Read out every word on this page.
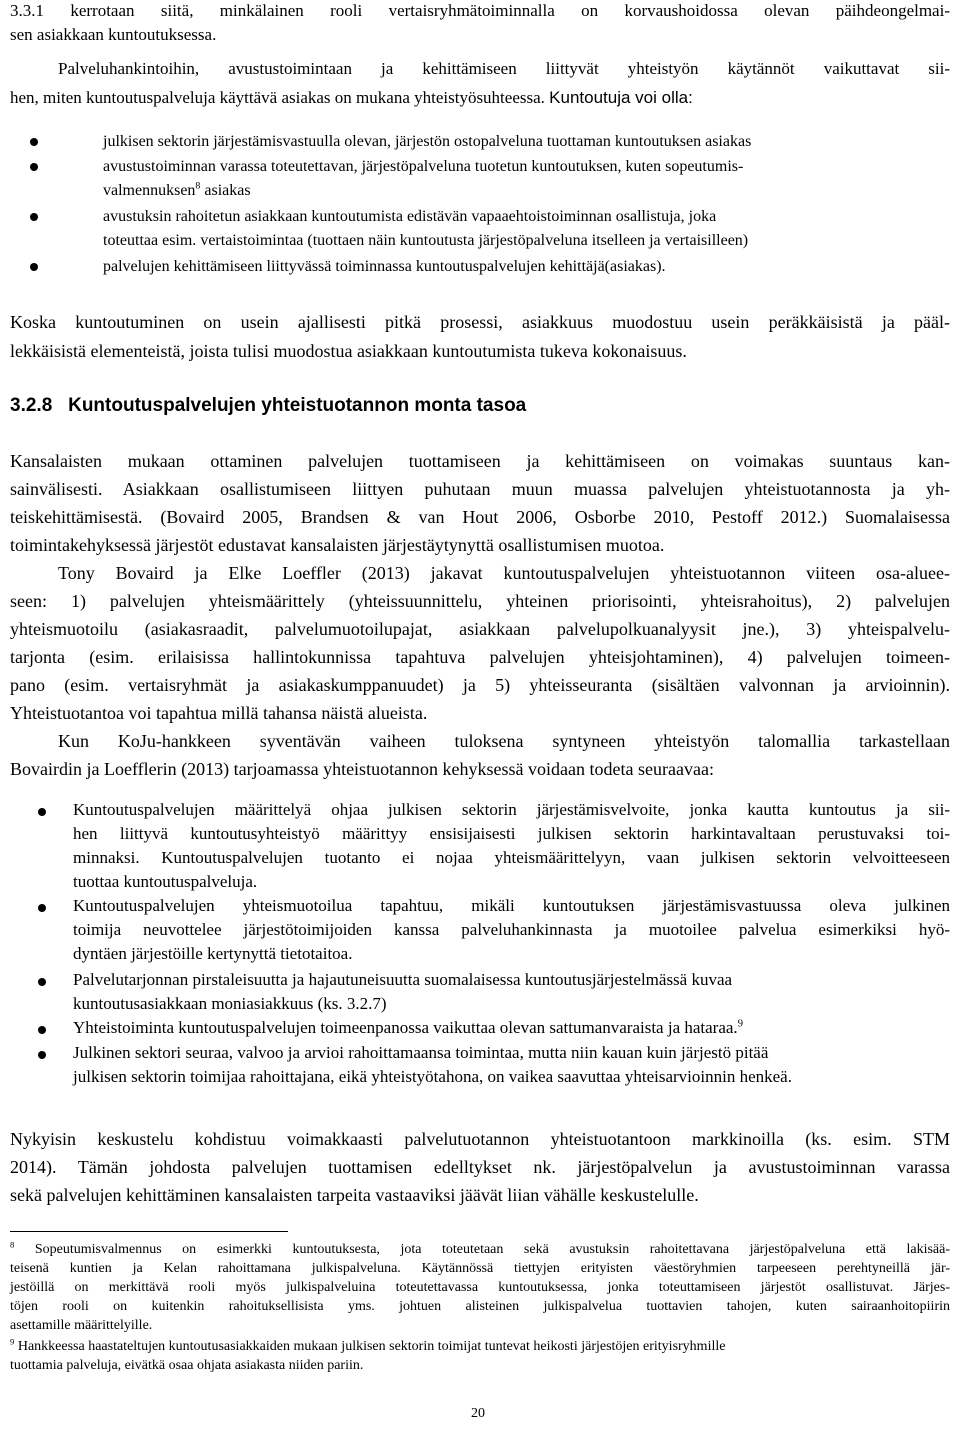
3.3.1 kerrotaan siitä, minkälainen rooli vertaisryhmätoiminnalla on korvaushoidossa olevan päihdeongelmai-
sen asiakkaan kuntoutuksessa.
Palveluhankintoihin, avustustoimintaan ja kehittämiseen liittyvät yhteistyön käytännöt vaikuttavat sii-
hen, miten kuntoutuspalveluja käyttävä asiakas on mukana yhteistyösuhteessa. Kuntoutuja voi olla:
julkisen sektorin järjestämisvastuulla olevan, järjestön ostopalveluna tuottaman kuntoutuksen asiakas
avustustoiminnan varassa toteutettavan, järjestöpalveluna tuotetun kuntoutuksen, kuten sopeutumis-
valmennuksen$^8$ asiakas
avustuksin rahoitetun asiakkaan kuntoutumista edistävän vapaaehtoistoiminnan osallistuja, joka
toteuttaa esim. vertaistoimintaa (tuottaen näin kuntoutusta järjestöpalveluna itselleen ja vertaisilleen)
palvelujen kehittämiseen liittyvässä toiminnassa kuntoutuspalvelujen kehittäjä(asiakas).
Koska kuntoutuminen on usein ajallisesti pitkä prosessi, asiakkuus muodostuu usein peräkkäisistä ja pääl-
lekkäisistä elementeistä, joista tulisi muodostua asiakkaan kuntoutumista tukeva kokonaisuus.
3.2.8 Kuntoutuspalvelujen yhteistuotannon monta tasoa
Kansalaisten mukaan ottaminen palvelujen tuottamiseen ja kehittämiseen on voimakas suuntaus kan-
sainvälisesti. Asiakkaan osallistumiseen liittyen puhutaan muun muassa palvelujen yhteistuotannosta ja yh-
teiskehittämisestä. (Bovaird 2005, Brandsen & van Hout 2006, Osborbe 2010, Pestoff 2012.) Suomalaisessa
toimintakehyksessä järjestöt edustavat kansalaisten järjestäytynyttä osallistumisen muotoa.
Tony Bovaird ja Elke Loeffler (2013) jakavat kuntoutuspalvelujen yhteistuotannon viiteen osa-aluee-
seen: 1) palvelujen yhteismäärittely (yhteissuunnittelu, yhteinen priorisointi, yhteisrahoitus), 2) palvelujen
yhteismuotoilu (asiakasraadit, palvelumuotoilupajat, asiakkaan palvelupolkuanalyysit jne.), 3) yhteispalvelu-
tarjonta (esim. erilaisissa hallintokunnissa tapahtuva palvelujen yhteisjohtaminen), 4) palvelujen toimeen-
pano (esim. vertaisryhmät ja asiakaskumppanuudet) ja 5) yhteisseuranta (sisältäen valvonnan ja arvioinnin).
Yhteistuotantoa voi tapahtua millä tahansa näistä alueista.
Kun KoJu-hankkeen syventävän vaiheen tuloksena syntyneen yhteistyön talomallia tarkastellaan
Bovairdin ja Loefflerin (2013) tarjoamassa yhteistuotannon kehyksessä voidaan todeta seuraavaa:
Kuntoutuspalvelujen määrittelyä ohjaa julkisen sektorin järjestämisvelvoite, jonka kautta kuntoutus ja sii-
hen liittyvä kuntoutusyhteistyö määrittyy ensisijaisesti julkisen sektorin harkintavaltaan perustuvaksi toi-
minnaksi. Kuntoutuspalvelujen tuotanto ei nojaa yhteismäärittelyyn, vaan julkisen sektorin velvoitteeseen
tuottaa kuntoutuspalveluja.
Kuntoutuspalvelujen yhteismuotoilua tapahtuu, mikäli kuntoutuksen järjestämisvastuussa oleva julkinen
toimija neuvottelee järjestötoimijoiden kanssa palveluhankinnasta ja muotoilee palvelua esimerkiksi hyö-
dyntäen järjestöille kertynyttä tietotaitoa.
Palvelutarjonnan pirstaleisuutta ja hajautuneisuutta suomalaisessa kuntoutusjärjestelmässä kuvaa
kuntoutusasiakkaan moniasiakkuus (ks. 3.2.7)
Yhteistoiminta kuntoutuspalvelujen toimeenpanossa vaikuttaa olevan sattumanvaraista ja hataraa.$^9$
Julkinen sektori seuraa, valvoo ja arvioi rahoittamaansa toimintaa, mutta niin kauan kuin järjestö pitää
julkisen sektorin toimijaa rahoittajana, eikä yhteistyötahona, on vaikea saavuttaa yhteisarvioinnin henkeä.
Nykyisin keskustelu kohdistuu voimakkaasti palvelutuotannon yhteistuotantoon markkinoilla (ks. esim. STM
2014). Tämän johdosta palvelujen tuottamisen edelltykset nk. järjestöpalvelun ja avustustoiminnan varassa
sekä palvelujen kehittäminen kansalaisten tarpeita vastaaviksi jäävät liian vähälle keskustelulle.
$^8$ Sopeutumisvalmennus on esimerkki kuntoutuksesta, jota toteutetaan sekä avustuksin rahoitettavana järjestöpalveluna että lakisää-
teisenä kuntien ja Kelan rahoittamana julkispalveluna. Käytännössä tiettyjen erityisten väestöryhmien tarpeeseen perehtyneillä jär-
jestöillä on merkittävä rooli myös julkispalveluina toteutettavassa kuntoutuksessa, jonka toteuttamiseen järjestöt osallistuvat. Järjes-
töjen rooli on kuitenkin rahoituksellisista yms. johtuen alisteinen julkispalvelua tuottavien tahojen, kuten sairaanhoitopiirin
asettamille määrittelyille.
$^9$ Hankkeessa haastateltujen kuntoutusasiakkaiden mukaan julkisen sektorin toimijat tuntevat heikosti järjestöjen erityisryhmille
tuottamia palveluja, eivätkä osaa ohjata asiakasta niiden pariin.
20
